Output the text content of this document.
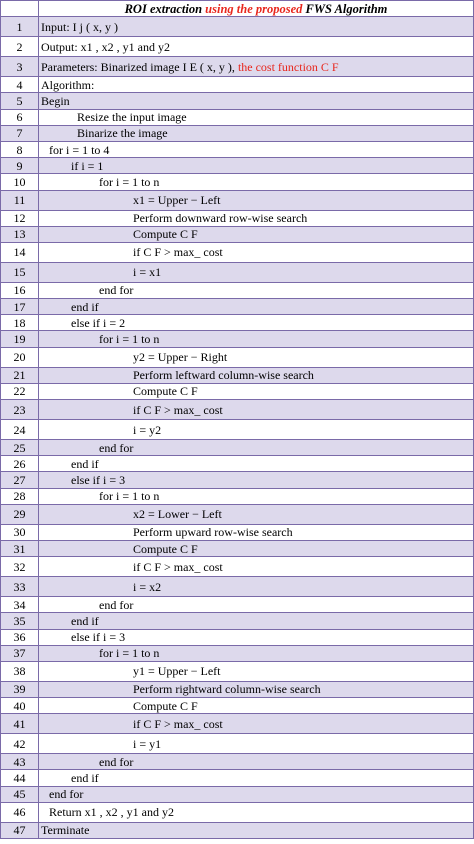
	ROI extraction using the proposed FWS Algorithm
1	Input: I j ( x, y )
2	Output: x1 , x2 , y1 and y2
3	Parameters: Binarized image I E ( x, y ), the cost function C F
4	Algorithm:
5	Begin
6	Resize the input image
7	Binarize the image
8	for i = 1 to 4
9	if i = 1
10	for i = 1 to n
11	x1 = Upper − Left
12	Perform downward row-wise search
13	Compute C F
14	if C F > max_ cost
15	i = x1
16	end for
17	end if
18	else if i = 2
19	for i = 1 to n
20	y2 = Upper − Right
21	Perform leftward column-wise search
22	Compute C F
23	if C F > max_ cost
24	i = y2
25	end for
26	end if
27	else if i = 3
28	for i = 1 to n
29	x2 = Lower − Left
30	Perform upward row-wise search
31	Compute C F
32	if C F > max_ cost
33	i = x2
34	end for
35	end if
36	else if i = 3
37	for i = 1 to n
38	y1 = Upper − Left
39	Perform rightward column-wise search
40	Compute C F
41	if C F > max_ cost
42	i = y1
43	end for
44	end if
45	end for
46	Return x1 , x2 , y1 and y2
47	Terminate
